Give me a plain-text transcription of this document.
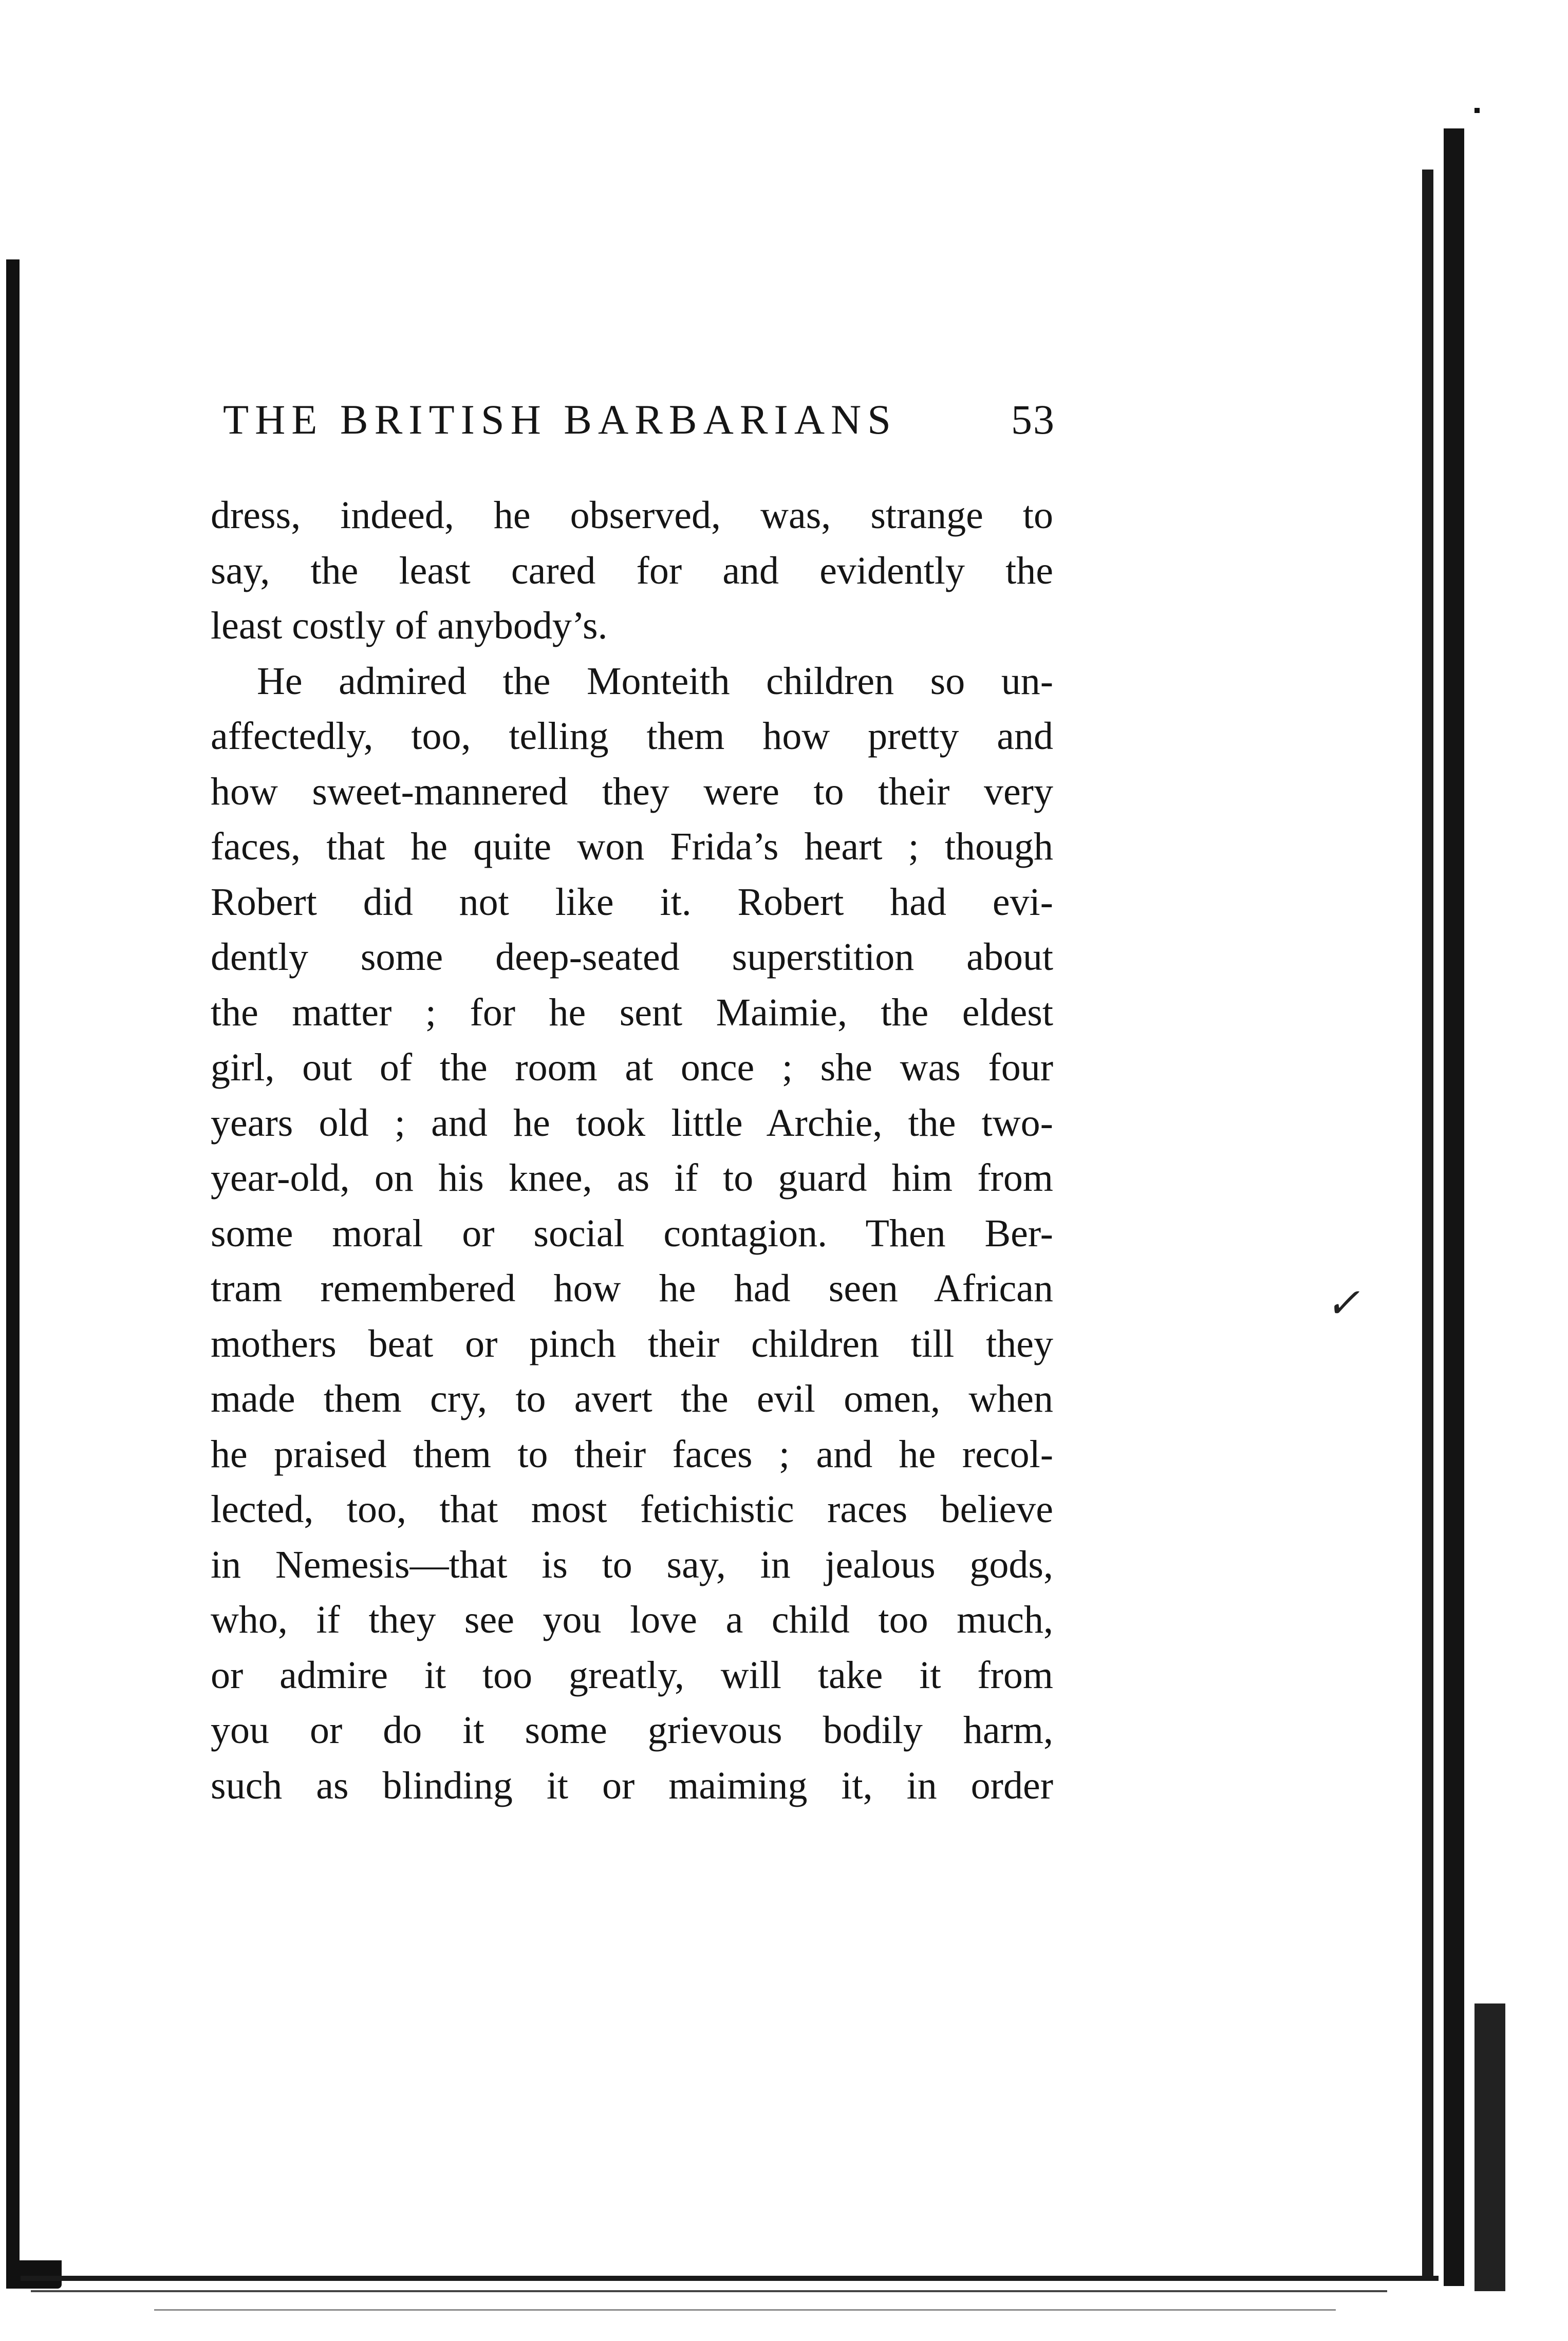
✓
THE BRITISH BARBARIANS	53
dress, indeed, he observed, was, strange to
say, the least cared for and evidently the
least costly of anybody’s.
He admired the Monteith children so un-
affectedly, too, telling them how pretty and
how sweet-mannered they were to their very
faces, that he quite won Frida’s heart ; though
Robert did not like it. Robert had evi-
dently some deep-seated superstition about
the matter ; for he sent Maimie, the eldest
girl, out of the room at once ; she was four
years old ; and he took little Archie, the two-
year-old, on his knee, as if to guard him from
some moral or social contagion. Then Ber-
tram remembered how he had seen African
mothers beat or pinch their children till they
made them cry, to avert the evil omen, when
he praised them to their faces ; and he recol-
lected, too, that most fetichistic races believe
in Nemesis—that is to say, in jealous gods,
who, if they see you love a child too much,
or admire it too greatly, will take it from
you or do it some grievous bodily harm,
such as blinding it or maiming it, in order
